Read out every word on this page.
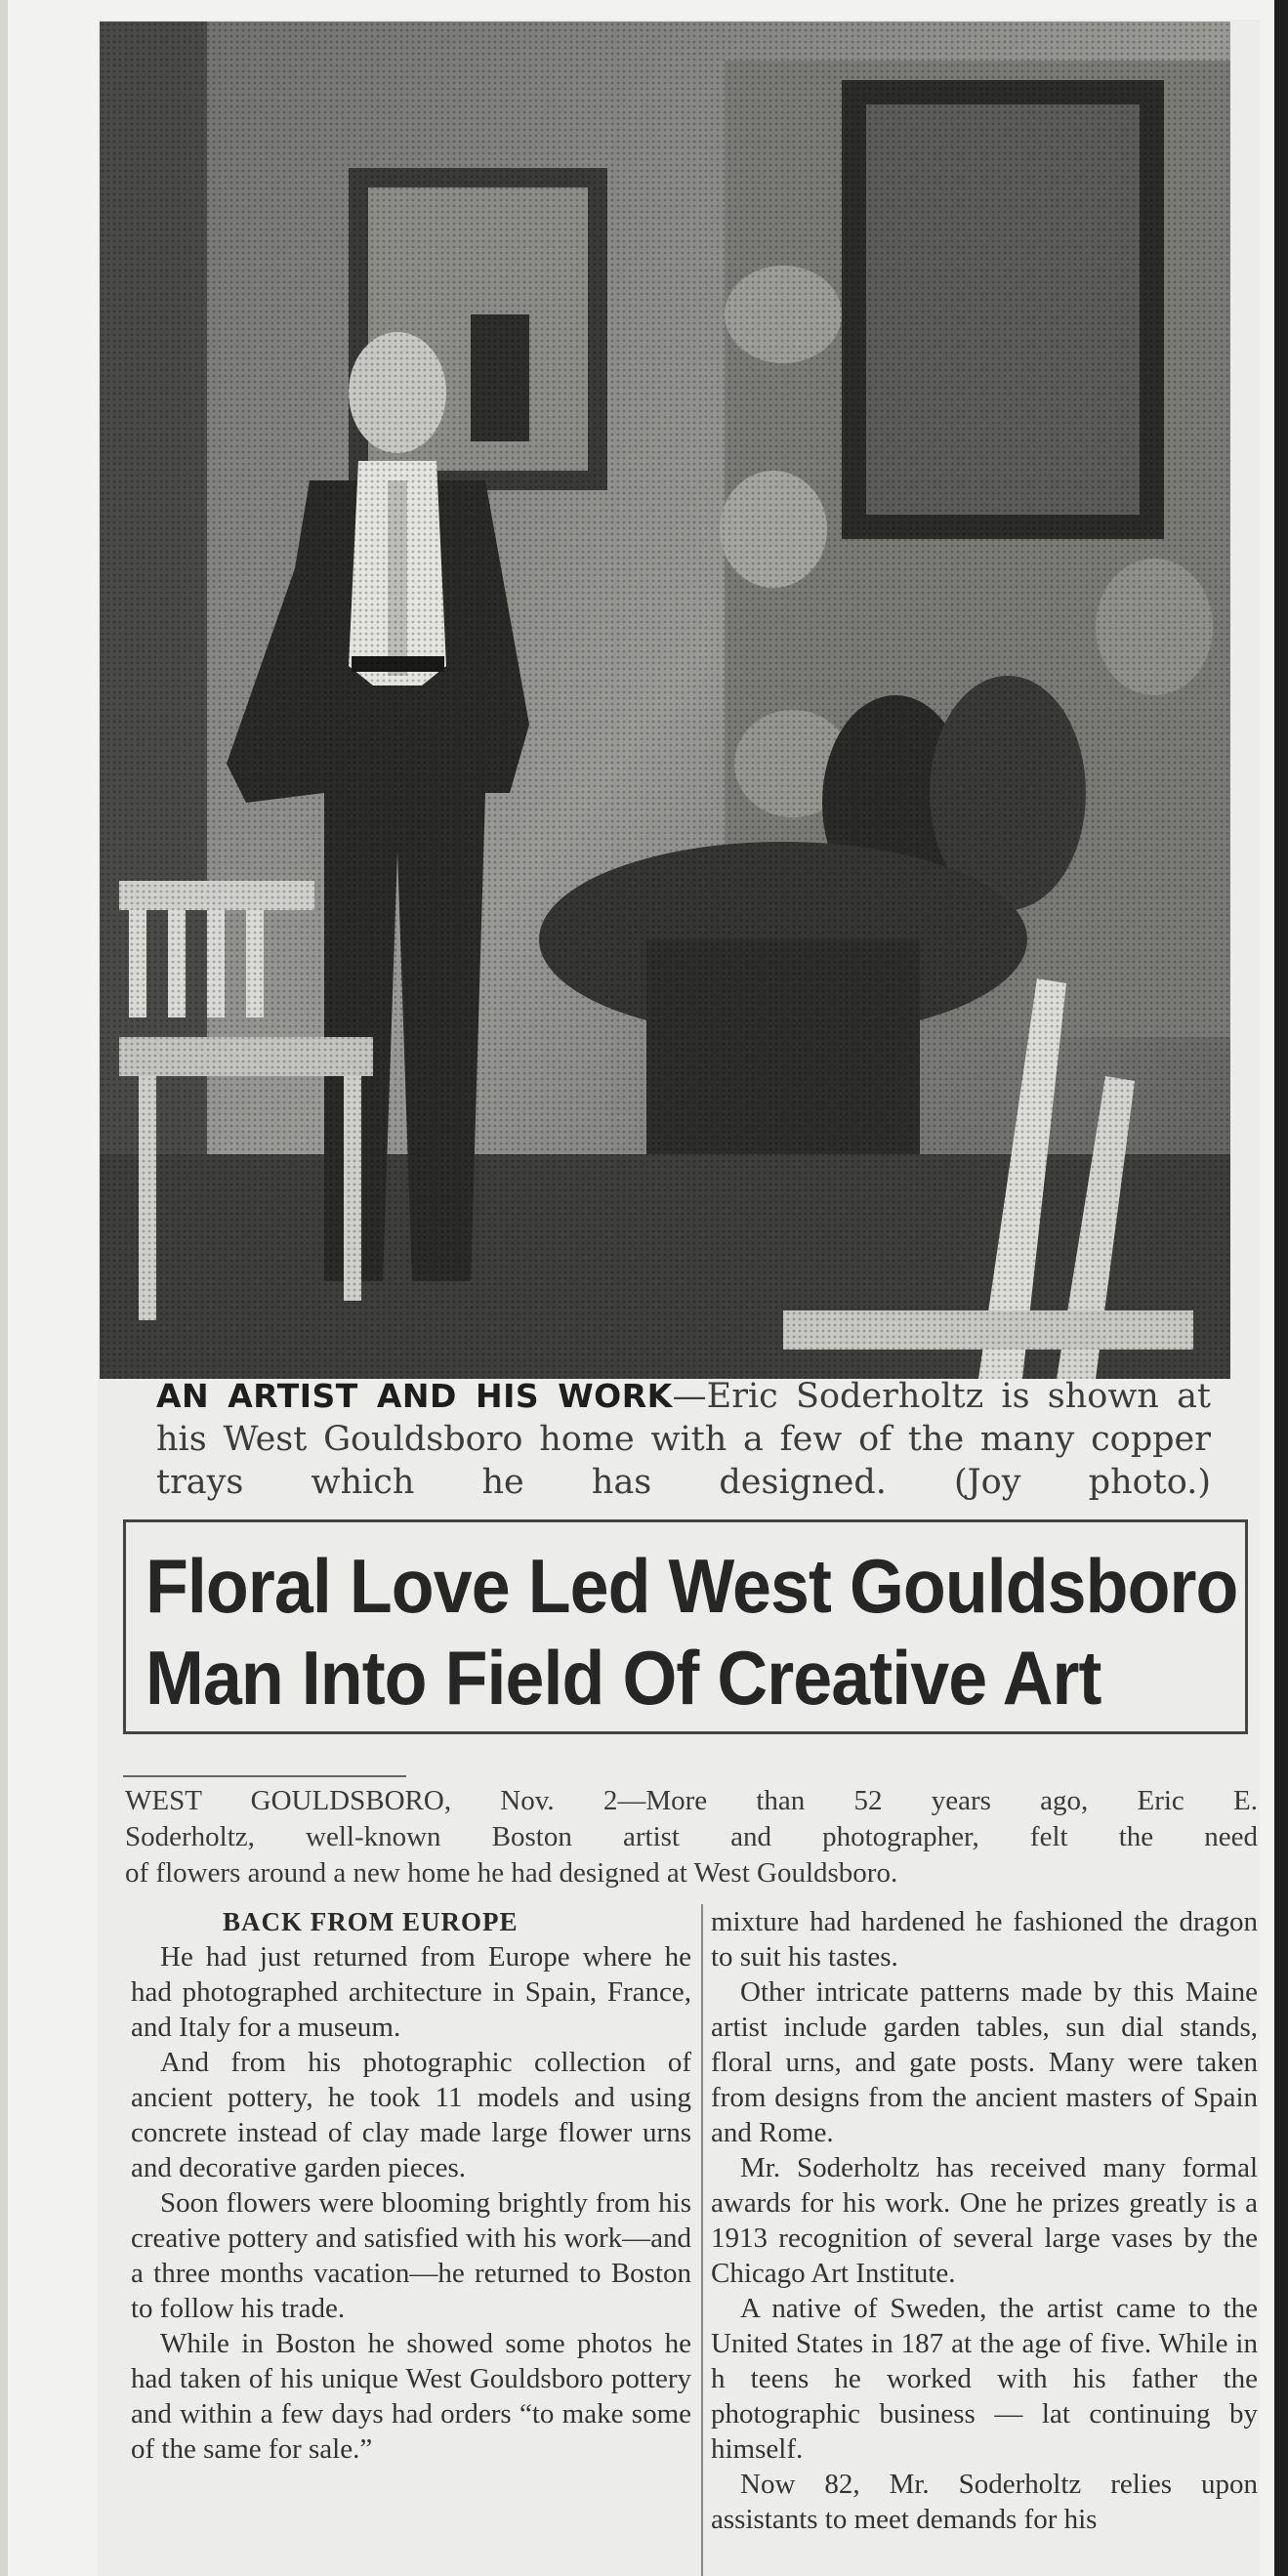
AN ARTIST AND HIS WORK—Eric Soderholtz is shown at his West Gouldsboro home with a few of the many copper trays which he has designed. (Joy photo.)
Floral Love Led West Gouldsboro
Man Into Field Of Creative Art
WEST GOULDSBORO, Nov. 2—More than 52 years ago, Eric E.
Soderholtz, well-known Boston artist and photographer, felt the need
of flowers around a new home he had designed at West Gouldsboro.
BACK FROM EUROPE

He had just returned from Europe where he had photographed architecture in Spain, France, and Italy for a museum.

And from his photographic collection of ancient pottery, he took 11 models and using concrete instead of clay made large flower urns and decorative garden pieces.

Soon flowers were blooming brightly from his creative pottery and satisfied with his work—and a three months vacation—he returned to Boston to follow his trade.

While in Boston he showed some photos he had taken of his unique West Gouldsboro pottery and within a few days had orders “to make some of the same for sale.”

mixture had hardened he fashioned the dragon to suit his tastes.

Other intricate patterns made by this Maine artist include garden tables, sun dial stands, floral urns, and gate posts. Many were taken from designs from the ancient masters of Spain and Rome.

Mr. Soderholtz has received many formal awards for his work. One he prizes greatly is a 1913 recognition of several large vases by the Chicago Art Institute.

A native of Sweden, the artist came to the United States in 187 at the age of five. While in h teens he worked with his father the photographic business — lat continuing by himself.

Now 82, Mr. Soderholtz relies upon assistants to meet demands for his
